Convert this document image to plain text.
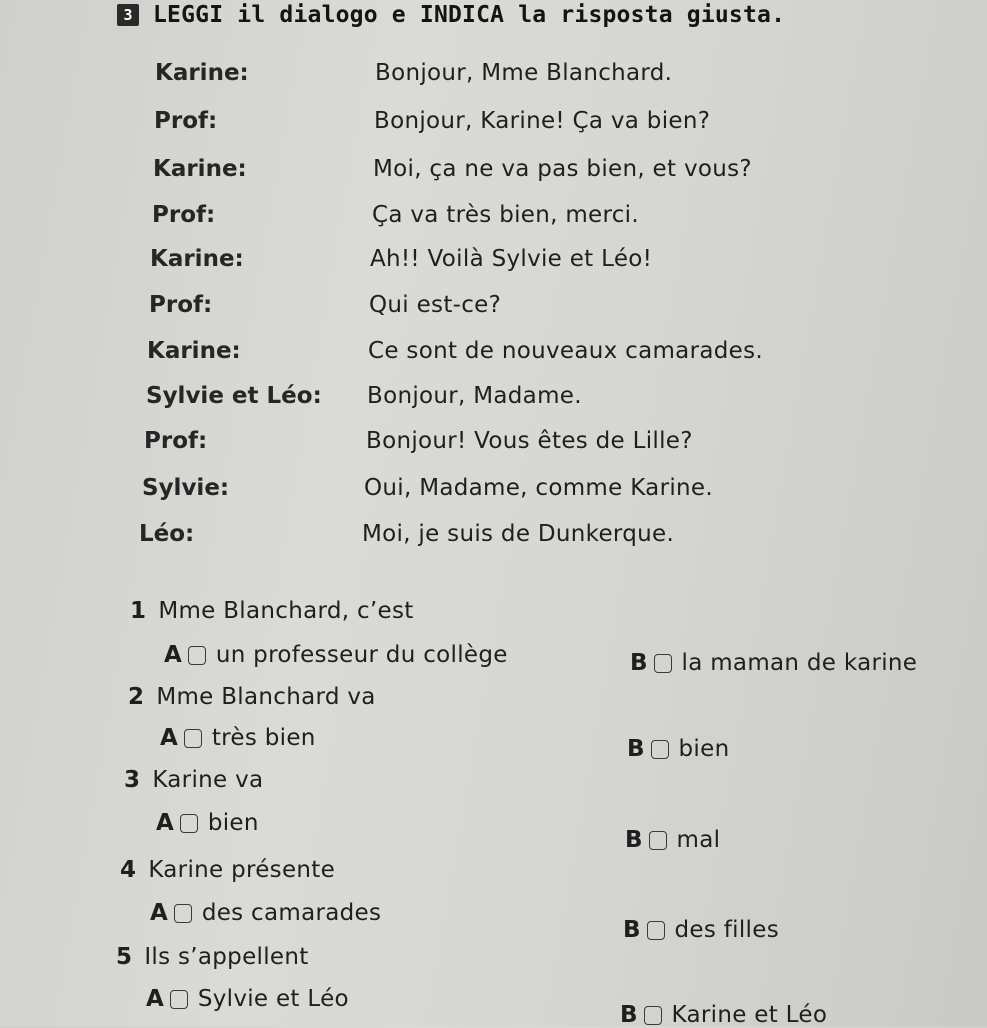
3 LEGGI il dialogo e INDICA la risposta giusta.
Karine:	Bonjour, Mme Blanchard.
Prof:	Bonjour, Karine! Ça va bien?
Karine:	Moi, ça ne va pas bien, et vous?
Prof:	Ça va très bien, merci.
Karine:	Ah!! Voilà Sylvie et Léo!
Prof:	Qui est-ce?
Karine:	Ce sont de nouveaux camarades.
Sylvie et Léo: Bonjour, Madame.
Prof:	Bonjour! Vous êtes de Lille?
Sylvie:	Oui, Madame, comme Karine.
Léo:	Moi, je suis de Dunkerque.
1 Mme Blanchard, c’est
A un professeur du collège	B la maman de karine
2 Mme Blanchard va
A très bien	B bien
3 Karine va
A bien
B mal
4 Karine présente
A des camarades
B des filles
5 Ils s’appellent
A Sylvie et Léo
B Karine et Léo
